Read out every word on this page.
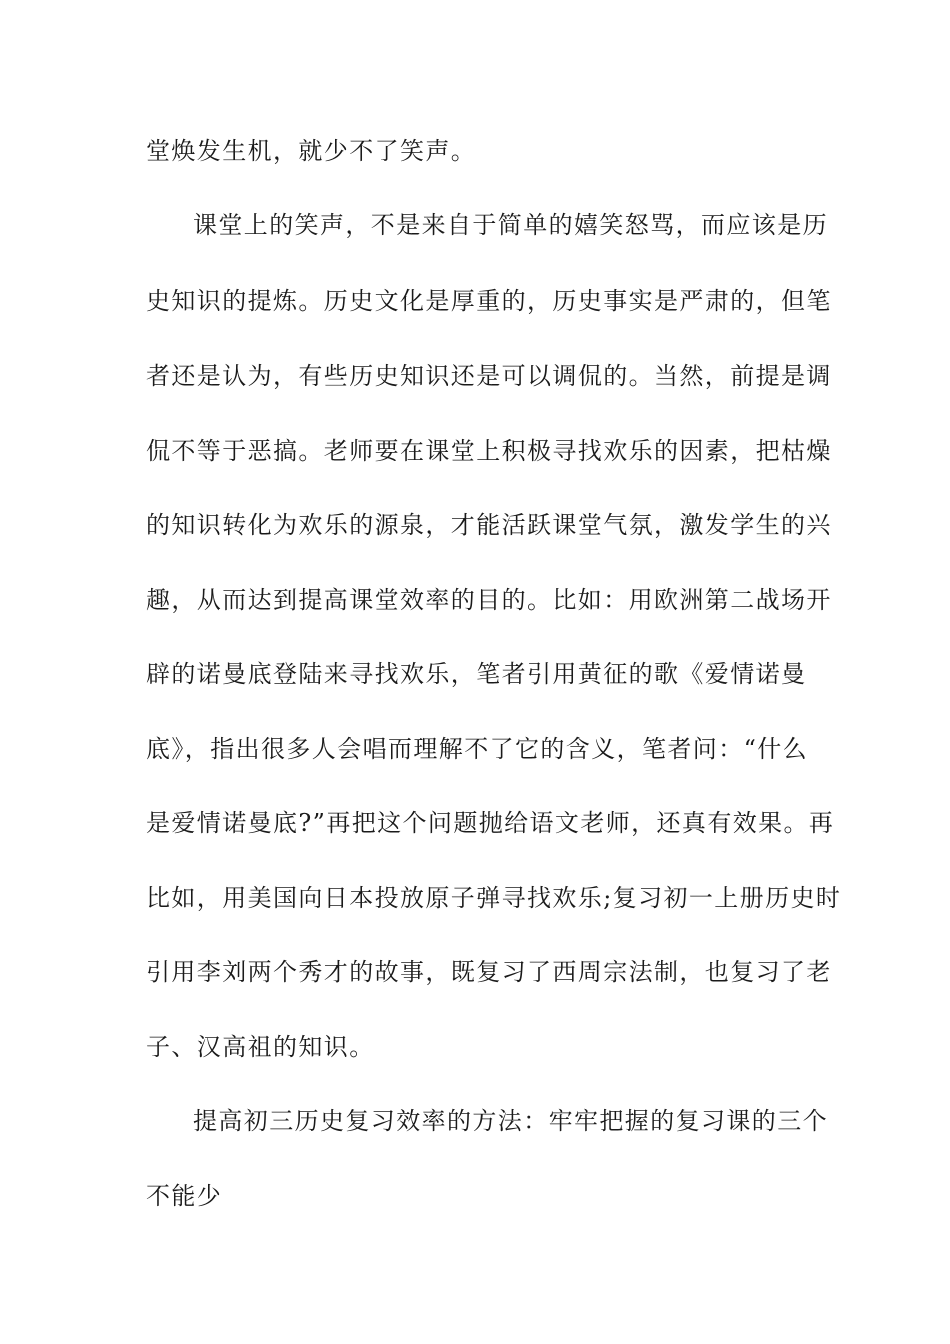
堂焕发生机，就少不了笑声。
课堂上的笑声，不是来自于简单的嬉笑怒骂，而应该是历
史知识的提炼。历史文化是厚重的，历史事实是严肃的，但笔
者还是认为，有些历史知识还是可以调侃的。当然，前提是调
侃不等于恶搞。老师要在课堂上积极寻找欢乐的因素，把枯燥
的知识转化为欢乐的源泉，才能活跃课堂气氛，激发学生的兴
趣，从而达到提高课堂效率的目的。比如：用欧洲第二战场开
辟的诺曼底登陆来寻找欢乐，笔者引用黄征的歌《爱情诺曼
底》，指出很多人会唱而理解不了它的含义，笔者问：“什么
是爱情诺曼底?”再把这个问题抛给语文老师，还真有效果。再
比如，用美国向日本投放原子弹寻找欢乐;复习初一上册历史时
引用李刘两个秀才的故事，既复习了西周宗法制，也复习了老
子、汉高祖的知识。
提高初三历史复习效率的方法：牢牢把握的复习课的三个
不能少
